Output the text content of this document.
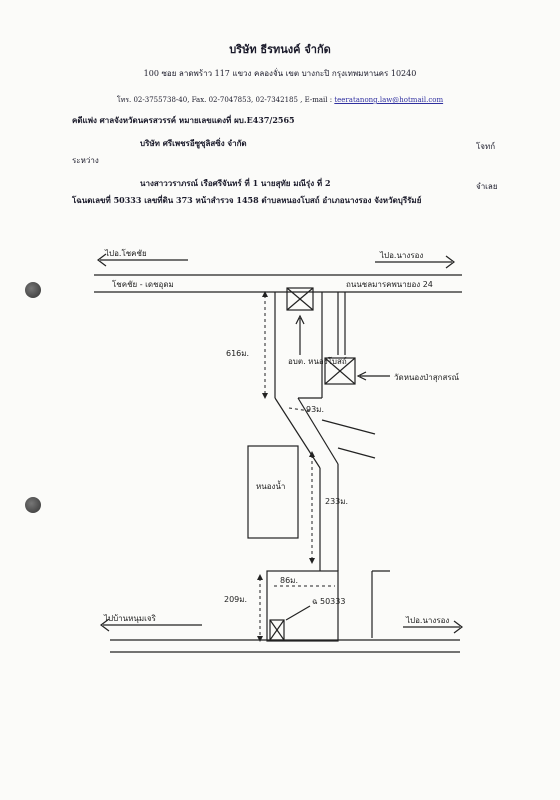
บริษัท ธีรทนงค์ จำกัด
100 ซอย ลาดพร้าว 117 แขวง คลองจั่น เขต บางกะปิ กรุงเทพมหานคร 10240
โทร. 02-3755738-40, Fax. 02-7047853, 02-7342185 , E-mail : teeratanong.law@hotmail.com
คดีแพ่ง ศาลจังหวัดนครสวรรค์ หมายเลขแดงที่ ผบ.E437/2565
บริษัท ศรีเพชรอีซูซุลิสซิ่ง จำกัด	โจทก์
ระหว่าง
นางสาววราภรณ์ เรือศรีจันทร์ ที่ 1 นายสุทัย มณีรุ่ง ที่ 2	จำเลย
โฉนดเลขที่ 50333 เลขที่ดิน 373 หน้าสำรวจ 1458 ตำบลหนองโบสถ์ อำเภอนางรอง จังหวัดบุรีรัมย์
ไปอ.โชคชัย	ไปอ.นางรอง
โชคชัย - เดชอุดม	ถนนชลมารคพนายอง 24
616ม.
อบต. หนองโบสถ์
วัดหนองป่าสุกสรณ์
93ม.
หนองน้ำ
233ม.
209ม.
86ม.
ฉ 50333
ไปบ้านหนุมเจริ	ไปอ.นางรอง
